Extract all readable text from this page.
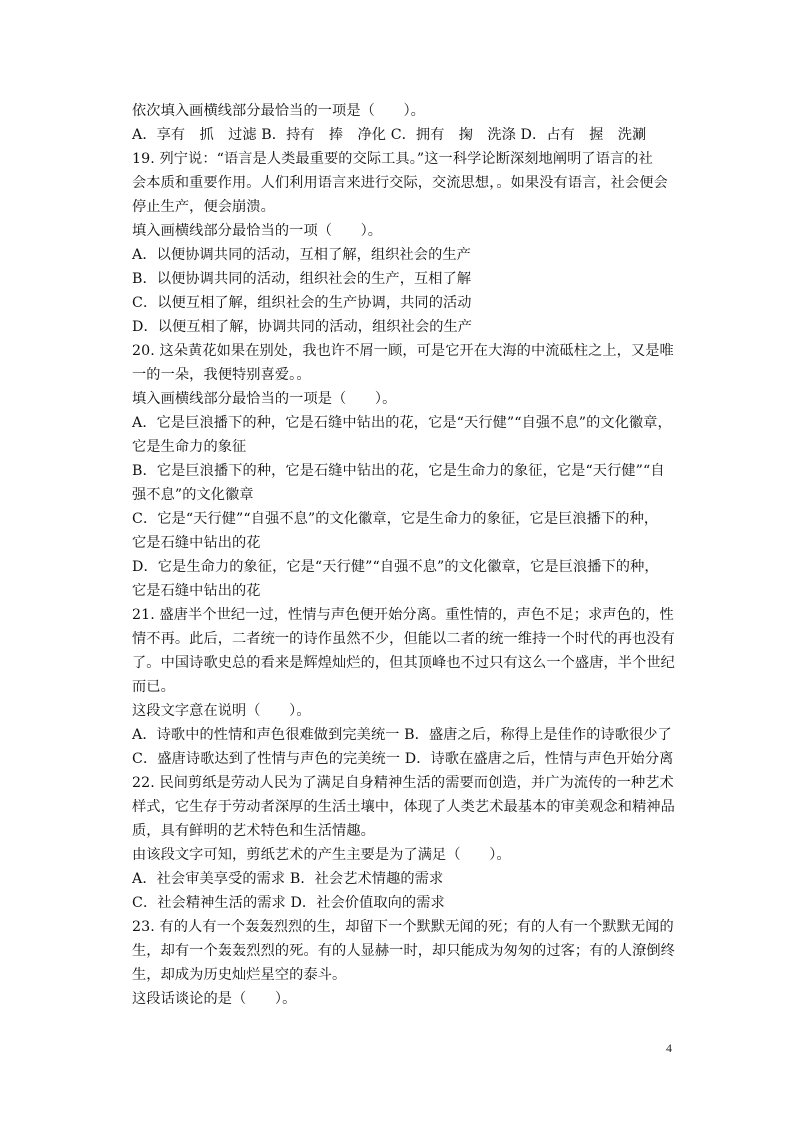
依次填入画横线部分最恰当的一项是（　　）。
A．享有　抓　过滤 B．持有　捧　净化 C．拥有　掬　洗涤 D．占有　握　洗涮
19. 列宁说：“语言是人类最重要的交际工具。”这一科学论断深刻地阐明了语言的社
会本质和重要作用。人们利用语言来进行交际，交流思想，。如果没有语言，社会便会
停止生产，便会崩溃。
填入画横线部分最恰当的一项（　　）。
A．以便协调共同的活动，互相了解，组织社会的生产
B．以便协调共同的活动，组织社会的生产，互相了解
C．以便互相了解，组织社会的生产协调，共同的活动
D．以便互相了解，协调共同的活动，组织社会的生产
20. 这朵黄花如果在别处，我也许不屑一顾，可是它开在大海的中流砥柱之上，又是唯
一的一朵，我便特别喜爱。。
填入画横线部分最恰当的一项是（　　）。
A．它是巨浪播下的种，它是石缝中钻出的花，它是“天行健”“自强不息”的文化徽章，
它是生命力的象征
B．它是巨浪播下的种，它是石缝中钻出的花，它是生命力的象征，它是“天行健”“自
强不息”的文化徽章
C．它是“天行健”“自强不息”的文化徽章，它是生命力的象征，它是巨浪播下的种，
它是石缝中钻出的花
D．它是生命力的象征，它是“天行健”“自强不息”的文化徽章，它是巨浪播下的种，
它是石缝中钻出的花
21. 盛唐半个世纪一过，性情与声色便开始分离。重性情的，声色不足；求声色的，性
情不再。此后，二者统一的诗作虽然不少，但能以二者的统一维持一个时代的再也没有
了。中国诗歌史总的看来是辉煌灿烂的，但其顶峰也不过只有这么一个盛唐，半个世纪
而已。
这段文字意在说明（　　）。
A．诗歌中的性情和声色很难做到完美统一 B．盛唐之后，称得上是佳作的诗歌很少了
C．盛唐诗歌达到了性情与声色的完美统一 D．诗歌在盛唐之后，性情与声色开始分离
22. 民间剪纸是劳动人民为了满足自身精神生活的需要而创造，并广为流传的一种艺术
样式，它生存于劳动者深厚的生活土壤中，体现了人类艺术最基本的审美观念和精神品
质，具有鲜明的艺术特色和生活情趣。
由该段文字可知，剪纸艺术的产生主要是为了满足（　　）。
A．社会审美享受的需求 B．社会艺术情趣的需求
C．社会精神生活的需求 D．社会价值取向的需求
23. 有的人有一个轰轰烈烈的生，却留下一个默默无闻的死；有的人有一个默默无闻的
生，却有一个轰轰烈烈的死。有的人显赫一时，却只能成为匆匆的过客；有的人潦倒终
生，却成为历史灿烂星空的泰斗。
这段话谈论的是（　　）。
4
